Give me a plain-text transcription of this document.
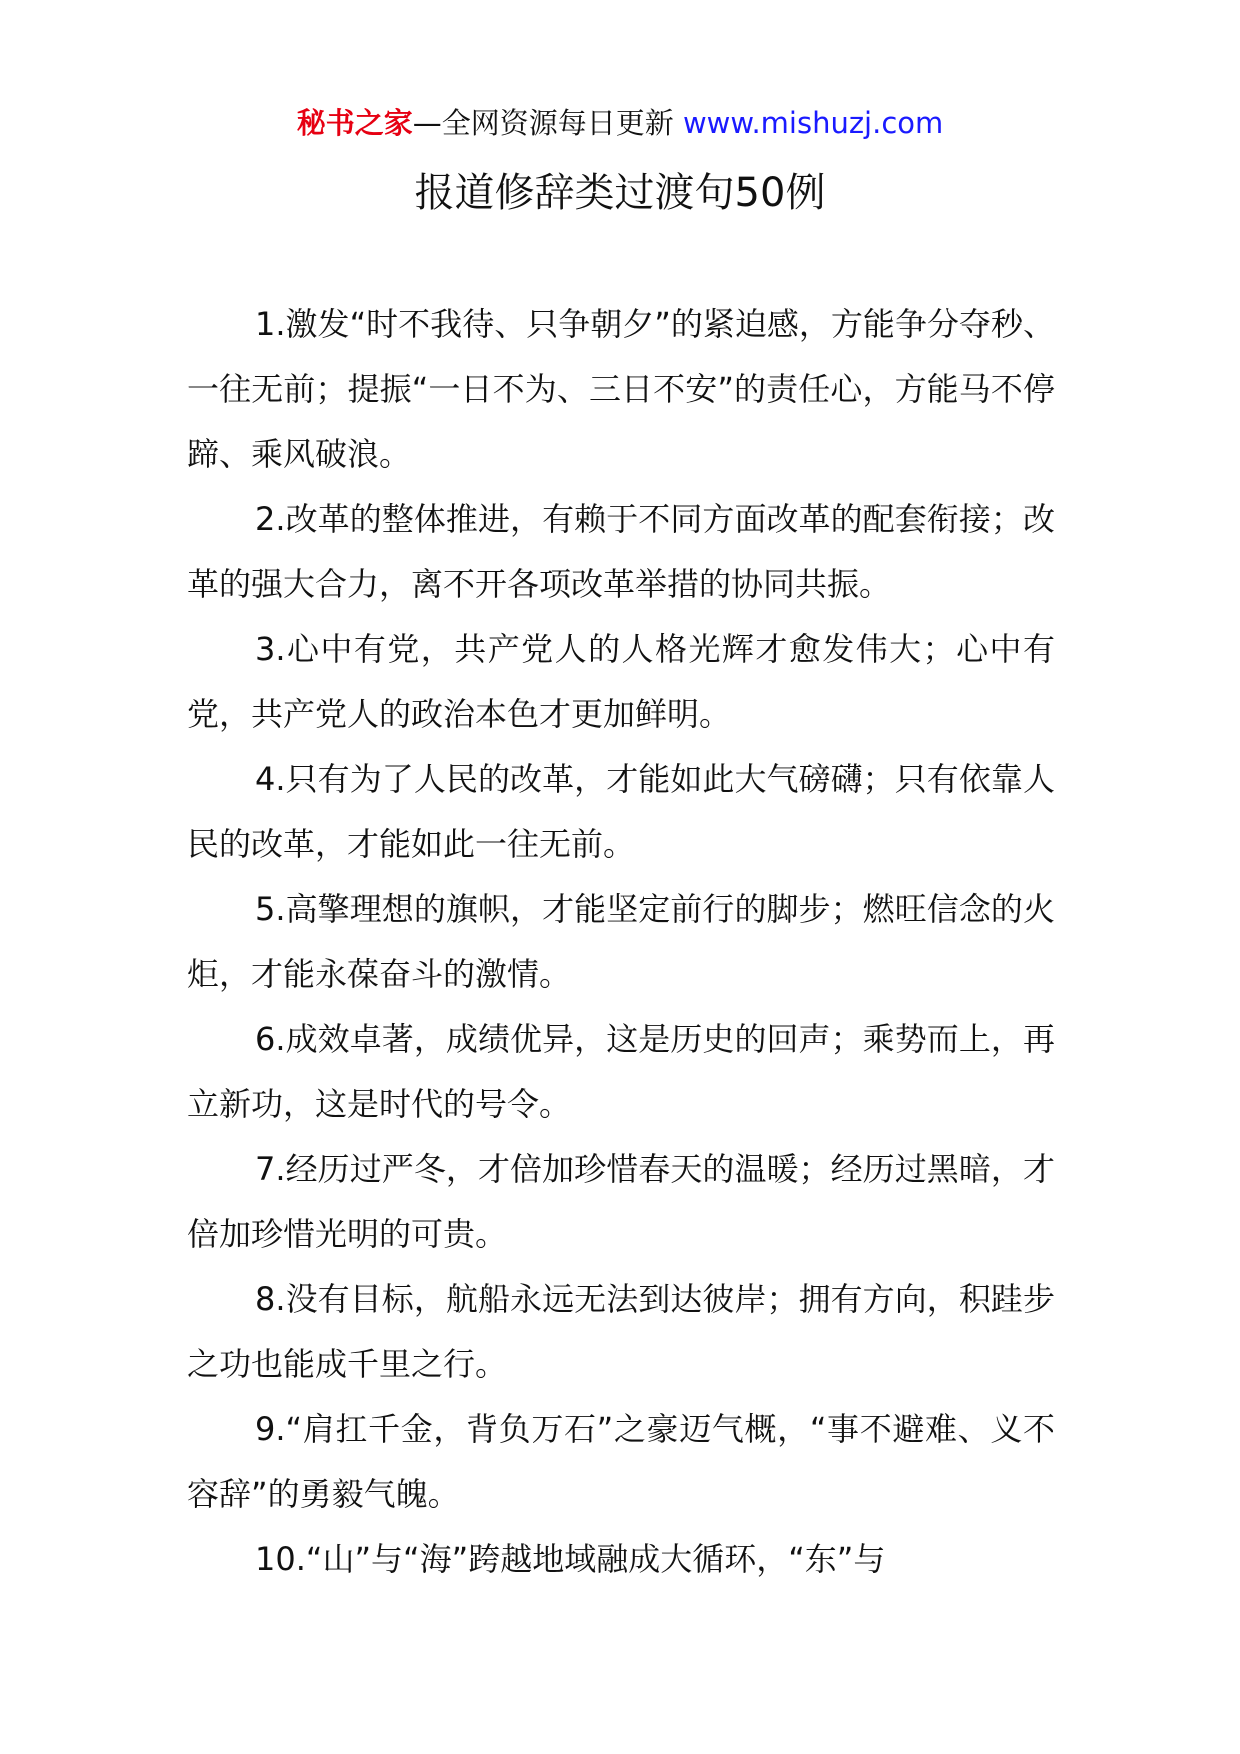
秘书之家—全网资源每日更新 www.mishuzj.com
报道修辞类过渡句50例

1.激发“时不我待、只争朝夕”的紧迫感，方能争分夺秒、一往无前；提振“一日不为、三日不安”的责任心，方能马不停蹄、乘风破浪。

2.改革的整体推进，有赖于不同方面改革的配套衔接；改革的强大合力，离不开各项改革举措的协同共振。

3.心中有党，共产党人的人格光辉才愈发伟大；心中有党，共产党人的政治本色才更加鲜明。

4.只有为了人民的改革，才能如此大气磅礴；只有依靠人民的改革，才能如此一往无前。

5.高擎理想的旗帜，才能坚定前行的脚步；燃旺信念的火炬，才能永葆奋斗的激情。

6.成效卓著，成绩优异，这是历史的回声；乘势而上，再立新功，这是时代的号令。

7.经历过严冬，才倍加珍惜春天的温暖；经历过黑暗，才倍加珍惜光明的可贵。

8.没有目标，航船永远无法到达彼岸；拥有方向，积跬步之功也能成千里之行。

9.“肩扛千金，背负万石”之豪迈气概，“事不避难、义不容辞”的勇毅气魄。

10.“山”与“海”跨越地域融成大循环，“东”与
